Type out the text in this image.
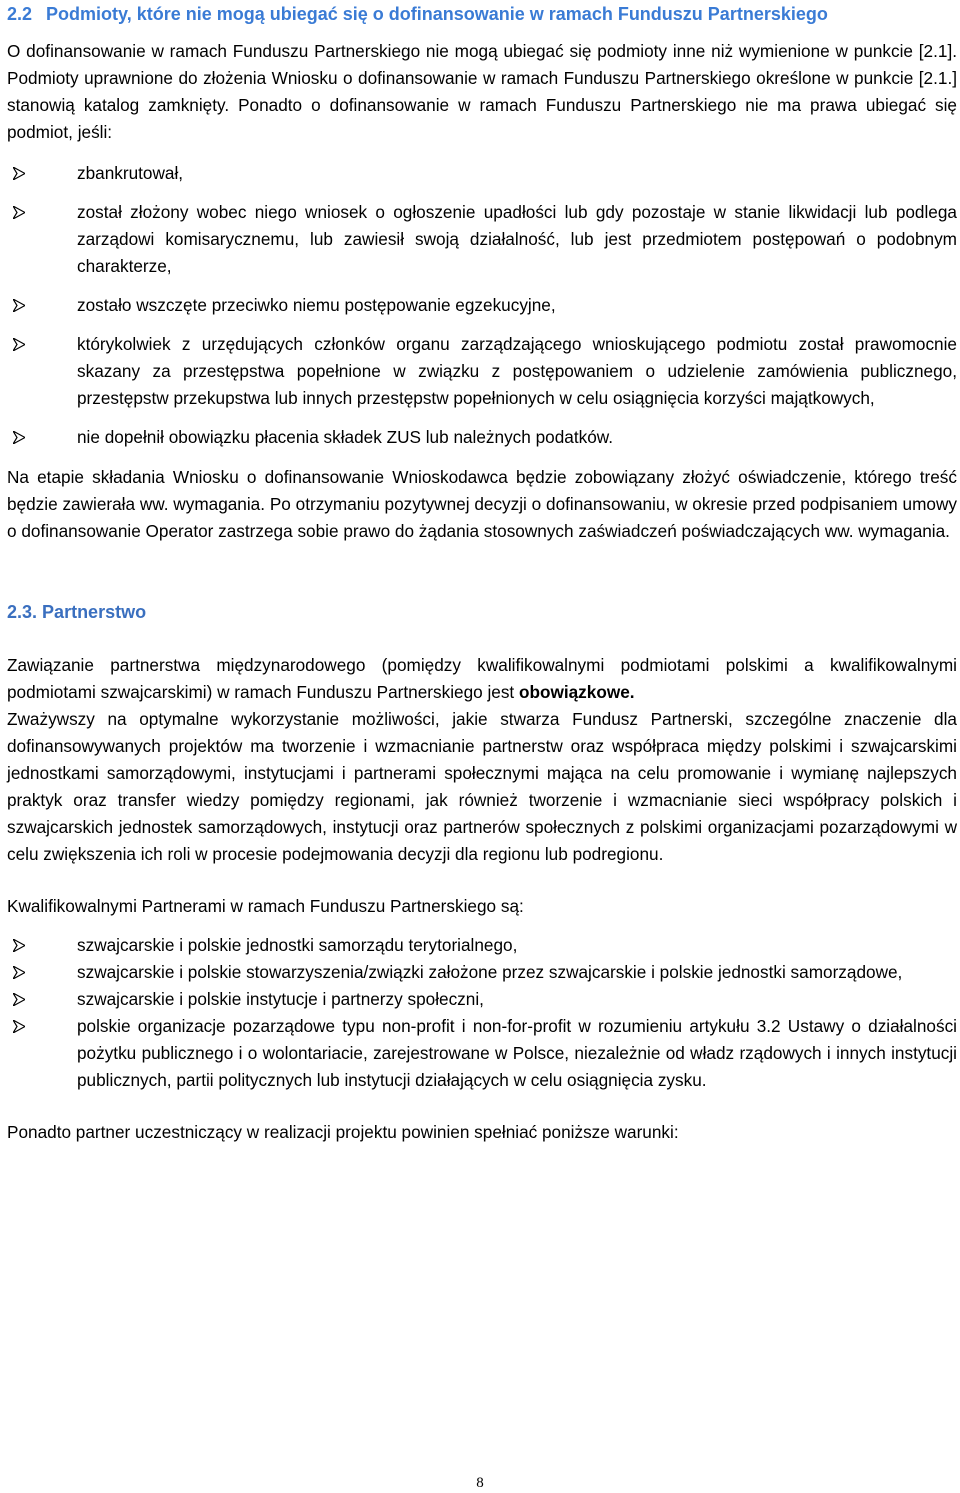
2.2 Podmioty, które nie mogą ubiegać się o dofinansowanie w ramach Funduszu Partnerskiego

O dofinansowanie w ramach Funduszu Partnerskiego nie mogą ubiegać się podmioty inne niż wymienione w punkcie [2.1]. Podmioty uprawnione do złożenia Wniosku o dofinansowanie w ramach Funduszu Partnerskiego określone w punkcie [2.1.] stanowią katalog zamknięty. Ponadto o dofinansowanie w ramach Funduszu Partnerskiego nie ma prawa ubiegać się podmiot, jeśli:

zbankrutował,
został złożony wobec niego wniosek o ogłoszenie upadłości lub gdy pozostaje w stanie likwidacji lub podlega zarządowi komisarycznemu, lub zawiesił swoją działalność, lub jest przedmiotem postępowań o podobnym charakterze,
zostało wszczęte przeciwko niemu postępowanie egzekucyjne,
którykolwiek z urzędujących członków organu zarządzającego wnioskującego podmiotu został prawomocnie skazany za przestępstwa popełnione w związku z postępowaniem o udzielenie zamówienia publicznego, przestępstw przekupstwa lub innych przestępstw popełnionych w celu osiągnięcia korzyści majątkowych,
nie dopełnił obowiązku płacenia składek ZUS lub należnych podatków.

Na etapie składania Wniosku o dofinansowanie Wnioskodawca będzie zobowiązany złożyć oświadczenie, którego treść będzie zawierała ww. wymagania. Po otrzymaniu pozytywnej decyzji o dofinansowaniu, w okresie przed podpisaniem umowy o dofinansowanie Operator zastrzega sobie prawo do żądania stosownych zaświadczeń poświadczających ww. wymagania.

2.3. Partnerstwo

Zawiązanie partnerstwa międzynarodowego (pomiędzy kwalifikowalnymi podmiotami polskimi a kwalifikowalnymi podmiotami szwajcarskimi) w ramach Funduszu Partnerskiego jest obowiązkowe.

Zważywszy na optymalne wykorzystanie możliwości, jakie stwarza Fundusz Partnerski, szczególne znaczenie dla dofinansowywanych projektów ma tworzenie i wzmacnianie partnerstw oraz współpraca między polskimi i szwajcarskimi jednostkami samorządowymi, instytucjami i partnerami społecznymi mająca na celu promowanie i wymianę najlepszych praktyk oraz transfer wiedzy pomiędzy regionami, jak również tworzenie i wzmacnianie sieci współpracy polskich i szwajcarskich jednostek samorządowych, instytucji oraz partnerów społecznych z polskimi organizacjami pozarządowymi w celu zwiększenia ich roli w procesie podejmowania decyzji dla regionu lub podregionu.

Kwalifikowalnymi Partnerami w ramach Funduszu Partnerskiego są:

szwajcarskie i polskie jednostki samorządu terytorialnego,
szwajcarskie i polskie stowarzyszenia/związki założone przez szwajcarskie i polskie jednostki samorządowe,
szwajcarskie i polskie instytucje i partnerzy społeczni,
polskie organizacje pozarządowe typu non-profit i non-for-profit w rozumieniu artykułu 3.2 Ustawy o działalności pożytku publicznego i o wolontariacie, zarejestrowane w Polsce, niezależnie od władz rządowych i innych instytucji publicznych, partii politycznych lub instytucji działających w celu osiągnięcia zysku.

Ponadto partner uczestniczący w realizacji projektu powinien spełniać poniższe warunki:

8
